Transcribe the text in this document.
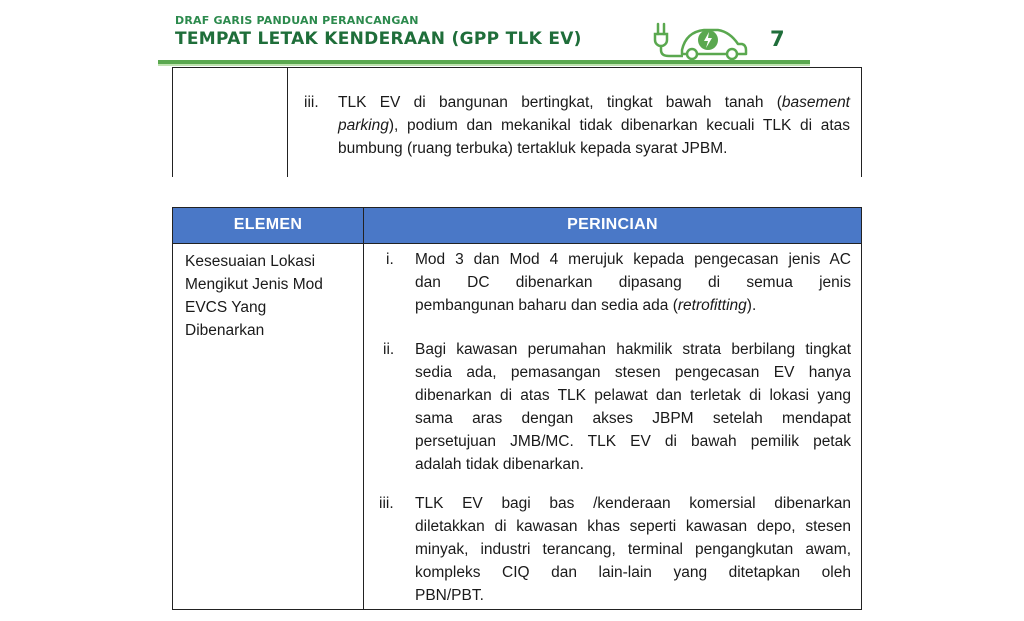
DRAF GARIS PANDUAN PERANCANGAN
TEMPAT LETAK KENDERAAN (GPP TLK EV)	7
iii. TLK EV di bangunan bertingkat, tingkat bawah tanah (basement
parking), podium dan mekanikal tidak dibenarkan kecuali TLK di atas
bumbung (ruang terbuka) tertakluk kepada syarat JPBM.
ELEMEN	PERINCIAN
Kesesuaian Lokasi
Mengikut Jenis Mod
EVCS Yang
Dibenarkan
i. Mod 3 dan Mod 4 merujuk kepada pengecasan jenis AC
dan DC dibenarkan dipasang di semua jenis
pembangunan baharu dan sedia ada (retrofitting).
ii. Bagi kawasan perumahan hakmilik strata berbilang tingkat
sedia ada, pemasangan stesen pengecasan EV hanya
dibenarkan di atas TLK pelawat dan terletak di lokasi yang
sama aras dengan akses JBPM setelah mendapat
persetujuan JMB/MC. TLK EV di bawah pemilik petak
adalah tidak dibenarkan.
iii. TLK EV bagi bas /kenderaan komersial dibenarkan
diletakkan di kawasan khas seperti kawasan depo, stesen
minyak, industri terancang, terminal pengangkutan awam,
kompleks CIQ dan lain-lain yang ditetapkan oleh
PBN/PBT.
